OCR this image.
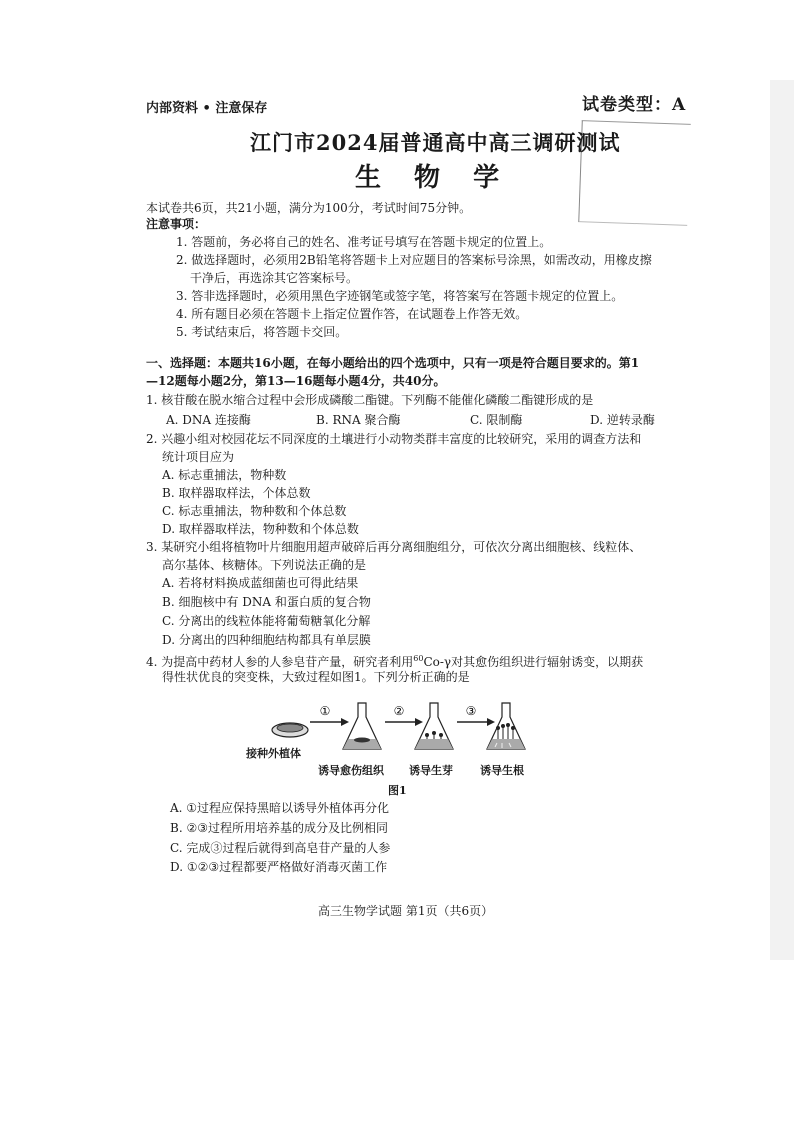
内部资料 • 注意保存	试卷类型：A
江门市2024届普通高中高三调研测试
生 物 学
本试卷共6页，共21小题，满分为100分，考试时间75分钟。
注意事项：
1. 答题前，务必将自己的姓名、准考证号填写在答题卡规定的位置上。
2. 做选择题时，必须用2B铅笔将答题卡上对应题目的答案标号涂黑，如需改动，用橡皮擦
干净后，再选涂其它答案标号。
3. 答非选择题时，必须用黑色字迹钢笔或签字笔，将答案写在答题卡规定的位置上。
4. 所有题目必须在答题卡上指定位置作答，在试题卷上作答无效。
5. 考试结束后，将答题卡交回。
一、选择题：本题共16小题，在每小题给出的四个选项中，只有一项是符合题目要求的。第1
—12题每小题2分，第13—16题每小题4分，共40分。
1. 核苷酸在脱水缩合过程中会形成磷酸二酯键。下列酶不能催化磷酸二酯键形成的是
A. DNA 连接酶	B. RNA 聚合酶	C. 限制酶	D. 逆转录酶
2. 兴趣小组对校园花坛不同深度的土壤进行小动物类群丰富度的比较研究，采用的调查方法和
统计项目应为
A. 标志重捕法，物种数
B. 取样器取样法，个体总数
C. 标志重捕法，物种数和个体总数
D. 取样器取样法，物种数和个体总数
3. 某研究小组将植物叶片细胞用超声破碎后再分离细胞组分，可依次分离出细胞核、线粒体、
高尔基体、核糖体。下列说法正确的是
A. 若将材料换成蓝细菌也可得此结果
B. 细胞核中有 DNA 和蛋白质的复合物
C. 分离出的线粒体能将葡萄糖氧化分解
D. 分离出的四种细胞结构都具有单层膜
4. 为提高中药材人参的人参皂苷产量，研究者利用$^{60}$Co-γ对其愈伤组织进行辐射诱变，以期获
得性状优良的突变株，大致过程如图1。下列分析正确的是
①	②	③
接种外植体
诱导愈伤组织 诱导生芽 诱导生根
图1
A. ①过程应保持黑暗以诱导外植体再分化
B. ②③过程所用培养基的成分及比例相同
C. 完成③过程后就得到高皂苷产量的人参
D. ①②③过程都要严格做好消毒灭菌工作
高三生物学试题 第1页（共6页）
